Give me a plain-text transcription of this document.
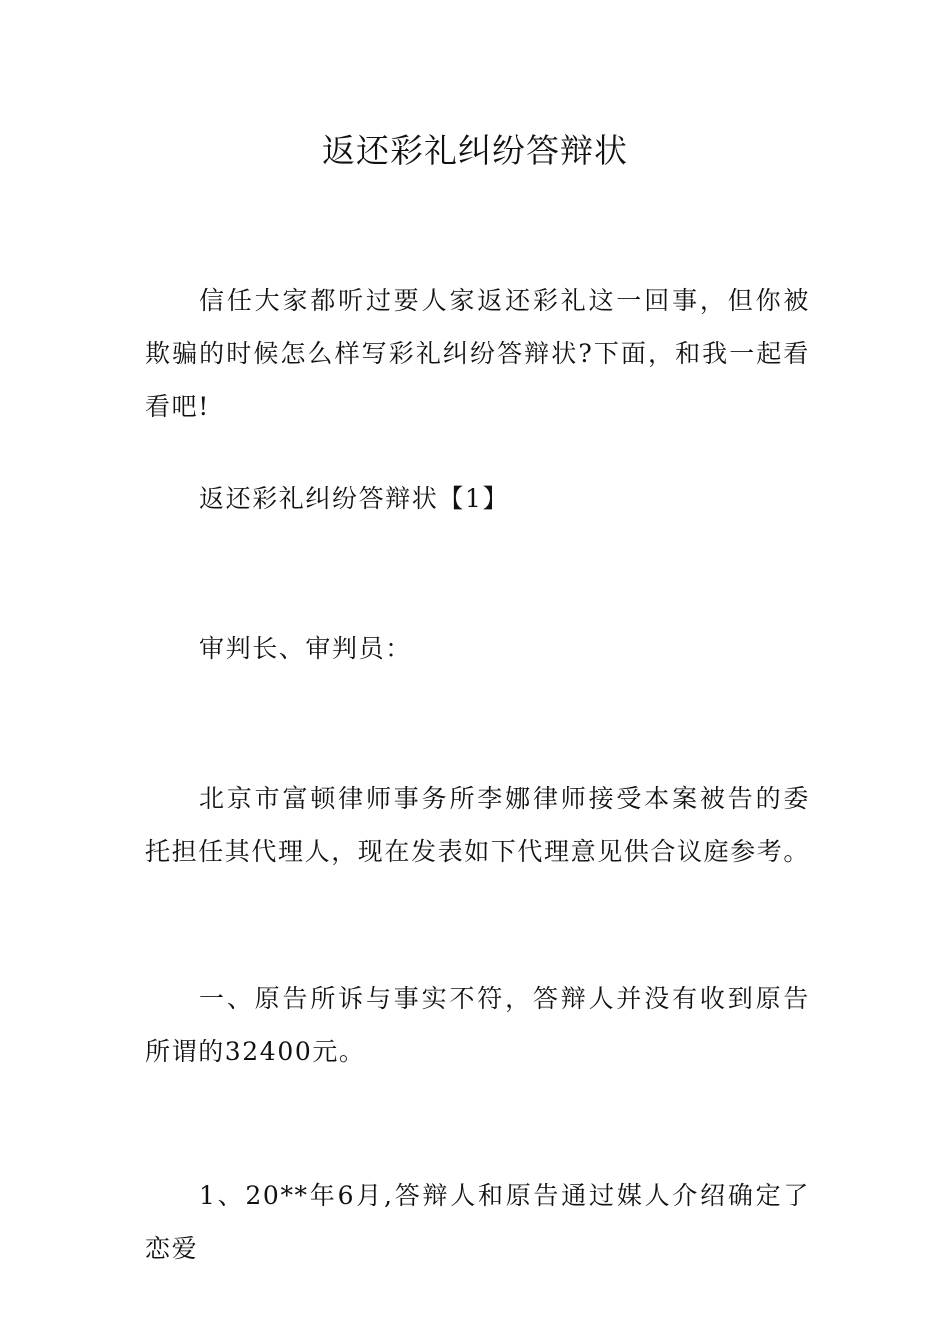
返还彩礼纠纷答辩状

信任大家都听过要人家返还彩礼这一回事，但你被欺骗的时候怎么样写彩礼纠纷答辩状?下面，和我一起看看吧!

返还彩礼纠纷答辩状【1】

审判长、审判员：

北京市富顿律师事务所李娜律师接受本案被告的委托担任其代理人，现在发表如下代理意见供合议庭参考。

一、原告所诉与事实不符，答辩人并没有收到原告所谓的32400元。

1、20**年6月,答辩人和原告通过媒人介绍确定了恋爱
